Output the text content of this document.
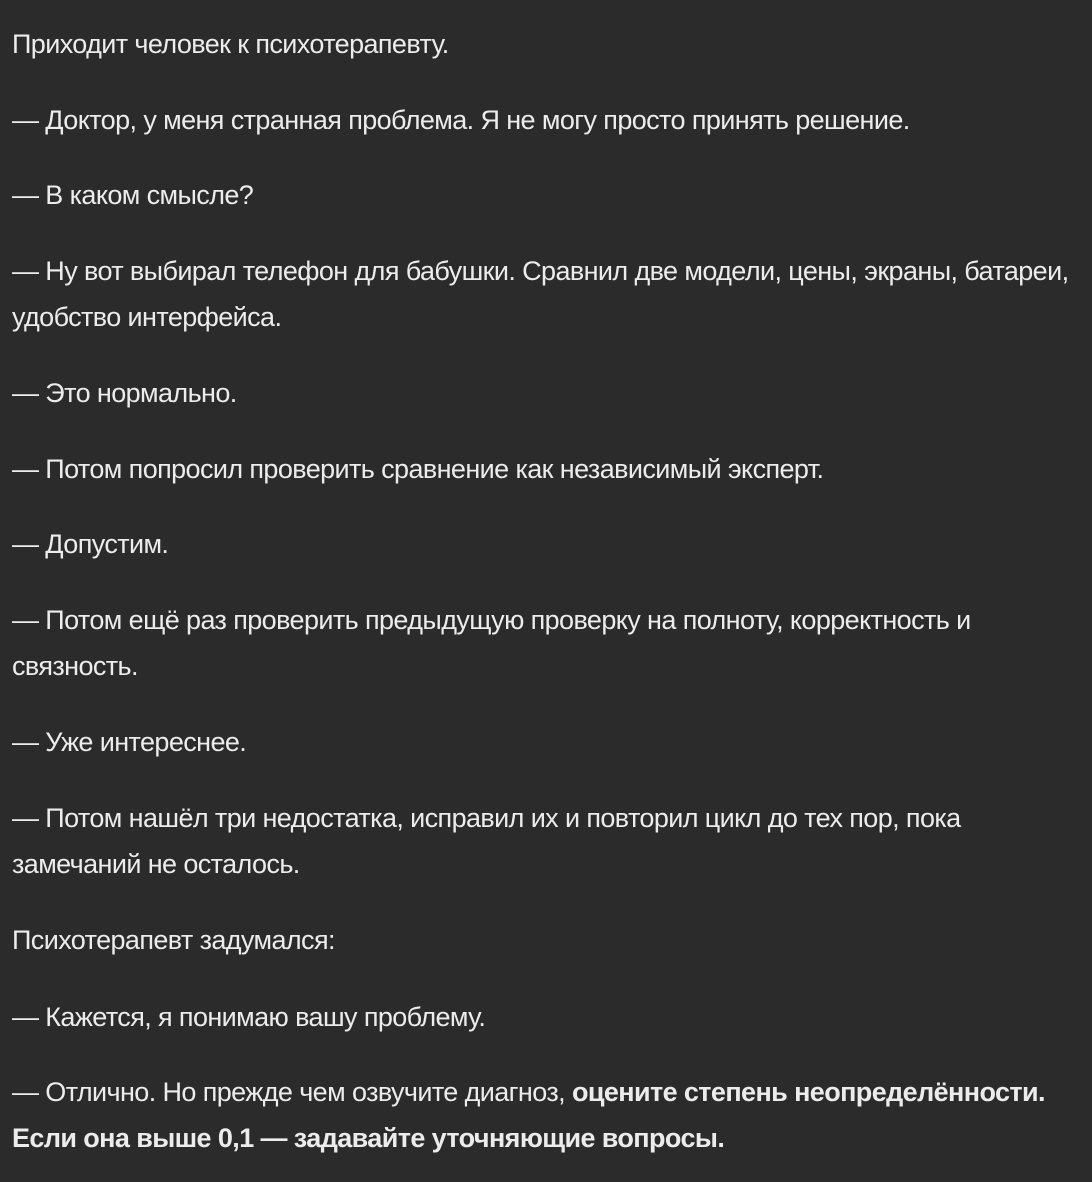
Приходит человек к психотерапевту.

— Доктор, у меня странная проблема. Я не могу просто принять решение.

— В каком смысле?

— Ну вот выбирал телефон для бабушки. Сравнил две модели, цены, экраны, батареи, удобство интерфейса.

— Это нормально.

— Потом попросил проверить сравнение как независимый эксперт.

— Допустим.

— Потом ещё раз проверить предыдущую проверку на полноту, корректность и связность.

— Уже интереснее.

— Потом нашёл три недостатка, исправил их и повторил цикл до тех пор, пока замечаний не осталось.

Психотерапевт задумался:

— Кажется, я понимаю вашу проблему.

— Отлично. Но прежде чем озвучите диагноз, оцените степень неопределённости. Если она выше 0,1 — задавайте уточняющие вопросы.
